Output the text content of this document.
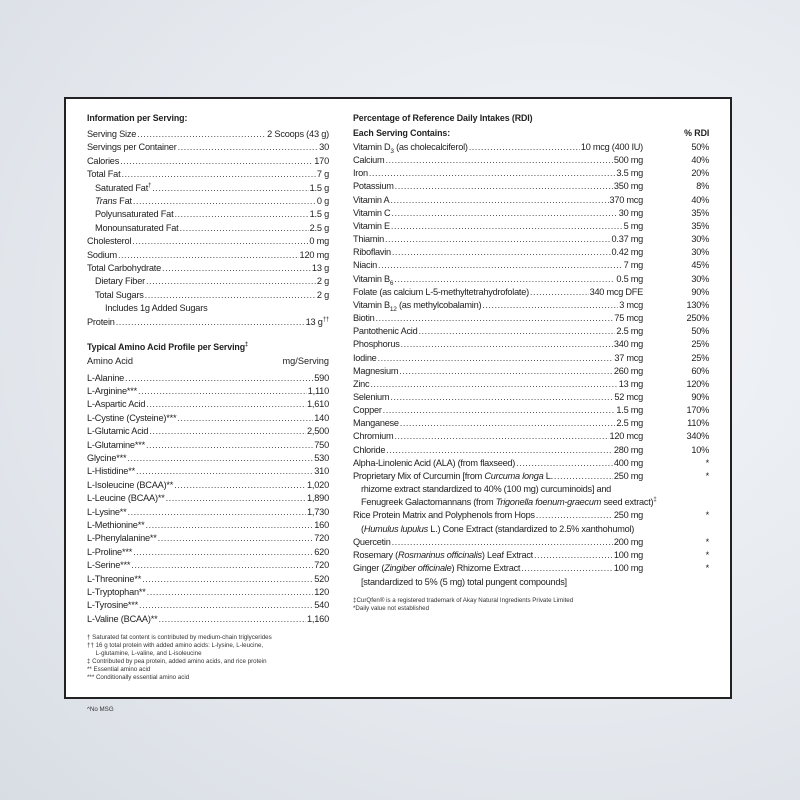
Information per Serving:
Serving Size .....	2 Scoops (43 g)
Servings per Container .....	30
Calories .....	170
Total Fat .....	7 g
Saturated Fat† .....	1.5 g
Trans Fat .....	0 g
Polyunsaturated Fat .....	1.5 g
Monounsaturated Fat .....	2.5 g
Cholesterol .....	0 mg
Sodium .....	120 mg
Total Carbohydrate .....	13 g
Dietary Fiber .....	2 g
Total Sugars .....	2 g
Includes 1g Added Sugars
Protein .....	13 g††
Typical Amino Acid Profile per Serving‡
Amino Acid	mg/Serving
L-Alanine .....	590
L-Arginine*** .....	1,110
L-Aspartic Acid .....	1,610
L-Cystine (Cysteine)*** .....	140
L-Glutamic Acid .....	2,500
L-Glutamine*** .....	750
Glycine*** .....	530
L-Histidine** .....	310
L-Isoleucine (BCAA)** .....	1,020
L-Leucine (BCAA)** .....	1,890
L-Lysine** .....	1,730
L-Methionine** .....	160
L-Phenylalanine** .....	720
L-Proline*** .....	620
L-Serine*** .....	720
L-Threonine** .....	520
L-Tryptophan** .....	120
L-Tyrosine*** .....	540
L-Valine (BCAA)** .....	1,160
† Saturated fat content is contributed by medium-chain triglycerides
†† 16 g total protein with added amino acids: L-lysine, L-leucine,
L-glutamine, L-valine, and L-isoleucine
‡ Contributed by pea protein, added amino acids, and rice protein
** Essential amino acid
*** Conditionally essential amino acid
^No MSG
Percentage of Reference Daily Intakes (RDI)
Each Serving Contains:	% RDI
Vitamin $D_3$ (as cholecalciferol) .....	10 mcg (400 IU)	50%
Calcium .....	500 mg	40%
Iron .....	3.5 mg	20%
Potassium .....	350 mg	8%
Vitamin A .....	370 mcg	40%
Vitamin C .....	30 mg	35%
Vitamin E .....	5 mg	35%
Thiamin .....	0.37 mg	30%
Riboflavin .....	0.42 mg	30%
Niacin .....	7 mg	45%
Vitamin $B_6$ .....	0.5 mg	30%
Folate (as calcium L-5-methyltetrahydrofolate) .....	340 mcg DFE	90%
Vitamin $B_{12}$ (as methylcobalamin) .....	3 mcg	130%
Biotin .....	75 mcg	250%
Pantothenic Acid .....	2.5 mg	50%
Phosphorus .....	340 mg	25%
Iodine .....	37 mcg	25%
Magnesium .....	260 mg	60%
Zinc .....	13 mg	120%
Selenium .....	52 mcg	90%
Copper .....	1.5 mg	170%
Manganese .....	2.5 mg	110%
Chromium .....	120 mcg	340%
Chloride .....	280 mg	10%
Alpha-Linolenic Acid (ALA) (from flaxseed) .....	400 mg	*
Proprietary Mix of Curcumin [from Curcuma longa L. .....	250 mg	*
rhizome extract standardized to 40% (100 mg) curcuminoids] and
Fenugreek Galactomannans (from Trigonella foenum-graecum seed extract)‡
Rice Protein Matrix and Polyphenols from Hops .....	250 mg	*
(Humulus lupulus L.) Cone Extract (standardized to 2.5% xanthohumol)
Quercetin .....	200 mg	*
Rosemary (Rosmarinus officinalis) Leaf Extract .....	100 mg	*
Ginger (Zingiber officinale) Rhizome Extract .....	100 mg	*
[standardized to 5% (5 mg) total pungent compounds]
‡CurQfen® is a registered trademark of Akay Natural Ingredients Private Limited
*Daily value not established
